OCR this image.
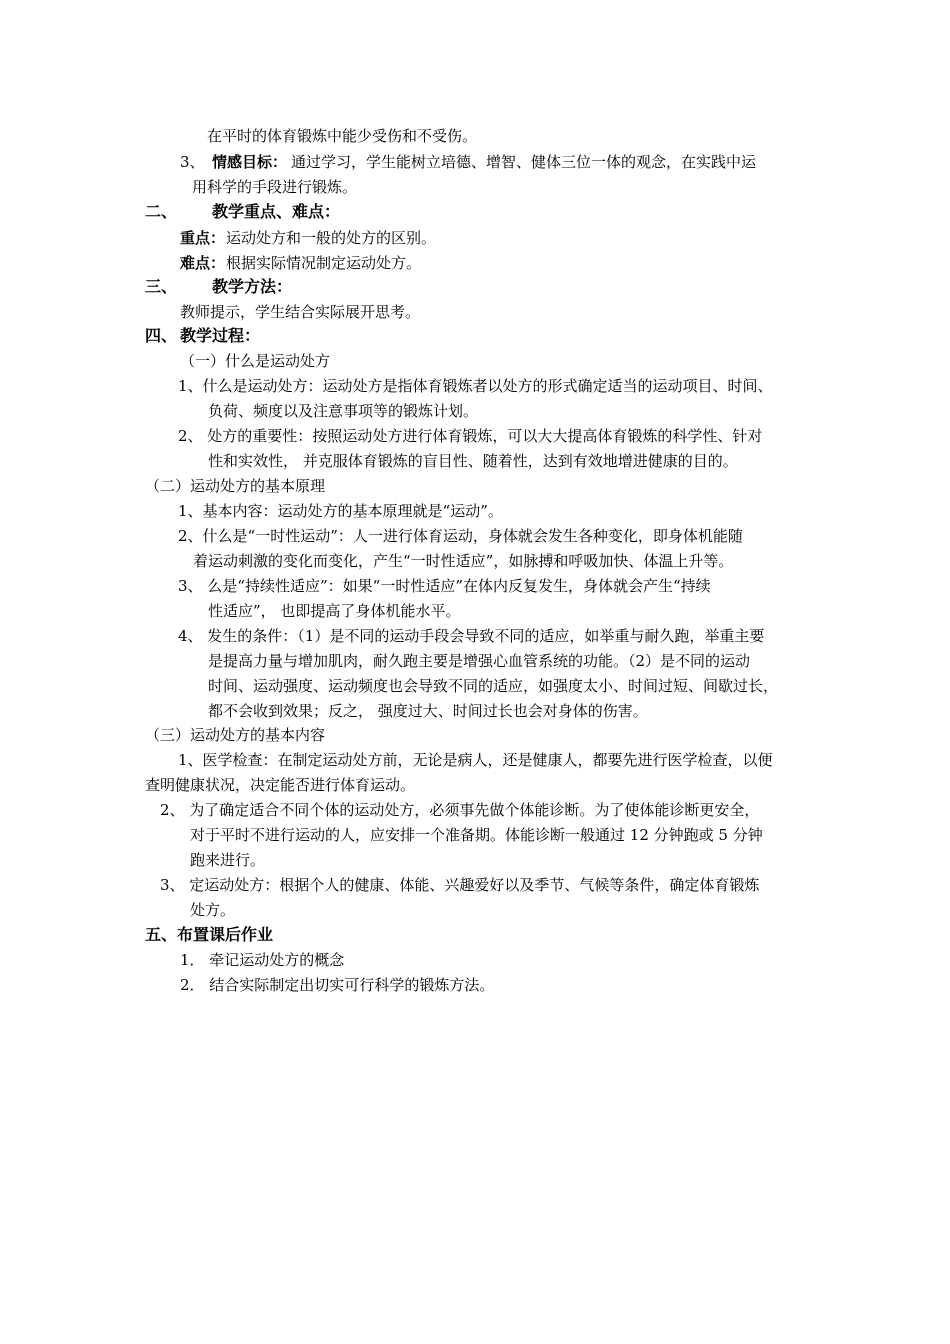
在平时的体育锻炼中能少受伤和不受伤。
3、 情感目标： 通过学习，学生能树立培德、增智、健体三位一体的观念，在实践中运
用科学的手段进行锻炼。
二、 教学重点、难点：
重点： 运动处方和一般的处方的区别。
难点： 根据实际情况制定运动处方。
三、 教学方法：
教师提示，学生结合实际展开思考。
四、 教学过程：
（一）什么是运动处方
1、什么是运动处方：运动处方是指体育锻炼者以处方的形式确定适当的运动项目、时间、
负荷、频度以及注意事项等的锻炼计划。
2、 处方的重要性：按照运动处方进行体育锻炼，可以大大提高体育锻炼的科学性、针对
性和实效性， 并克服体育锻炼的盲目性、随着性，达到有效地增进健康的目的。
（二）运动处方的基本原理
1、基本内容：运动处方的基本原理就是“运动”。
2、什么是“一时性运动”：人一进行体育运动，身体就会发生各种变化，即身体机能随
着运动刺激的变化而变化，产生“一时性适应”，如脉搏和呼吸加快、体温上升等。
3、 么是“持续性适应”：如果“一时性适应”在体内反复发生，身体就会产生“持续
性适应”， 也即提高了身体机能水平。
4、 发生的条件：（1）是不同的运动手段会导致不同的适应，如举重与耐久跑，举重主要
是提高力量与增加肌肉，耐久跑主要是增强心血管系统的功能。（2）是不同的运动
时间、运动强度、运动频度也会导致不同的适应，如强度太小、时间过短、间歇过长，
都不会收到效果；反之， 强度过大、时间过长也会对身体的伤害。
（三）运动处方的基本内容
1、医学检查：在制定运动处方前，无论是病人，还是健康人，都要先进行医学检查，以便
查明健康状况，决定能否进行体育运动。
2、 为了确定适合不同个体的运动处方，必须事先做个体能诊断。为了使体能诊断更安全，
对于平时不进行运动的人，应安排一个准备期。体能诊断一般通过 12 分钟跑或 5 分钟
跑来进行。
3、 定运动处方：根据个人的健康、体能、兴趣爱好以及季节、气候等条件，确定体育锻炼
处方。
五、布置课后作业
1． 牵记运动处方的概念
2． 结合实际制定出切实可行科学的锻炼方法。
